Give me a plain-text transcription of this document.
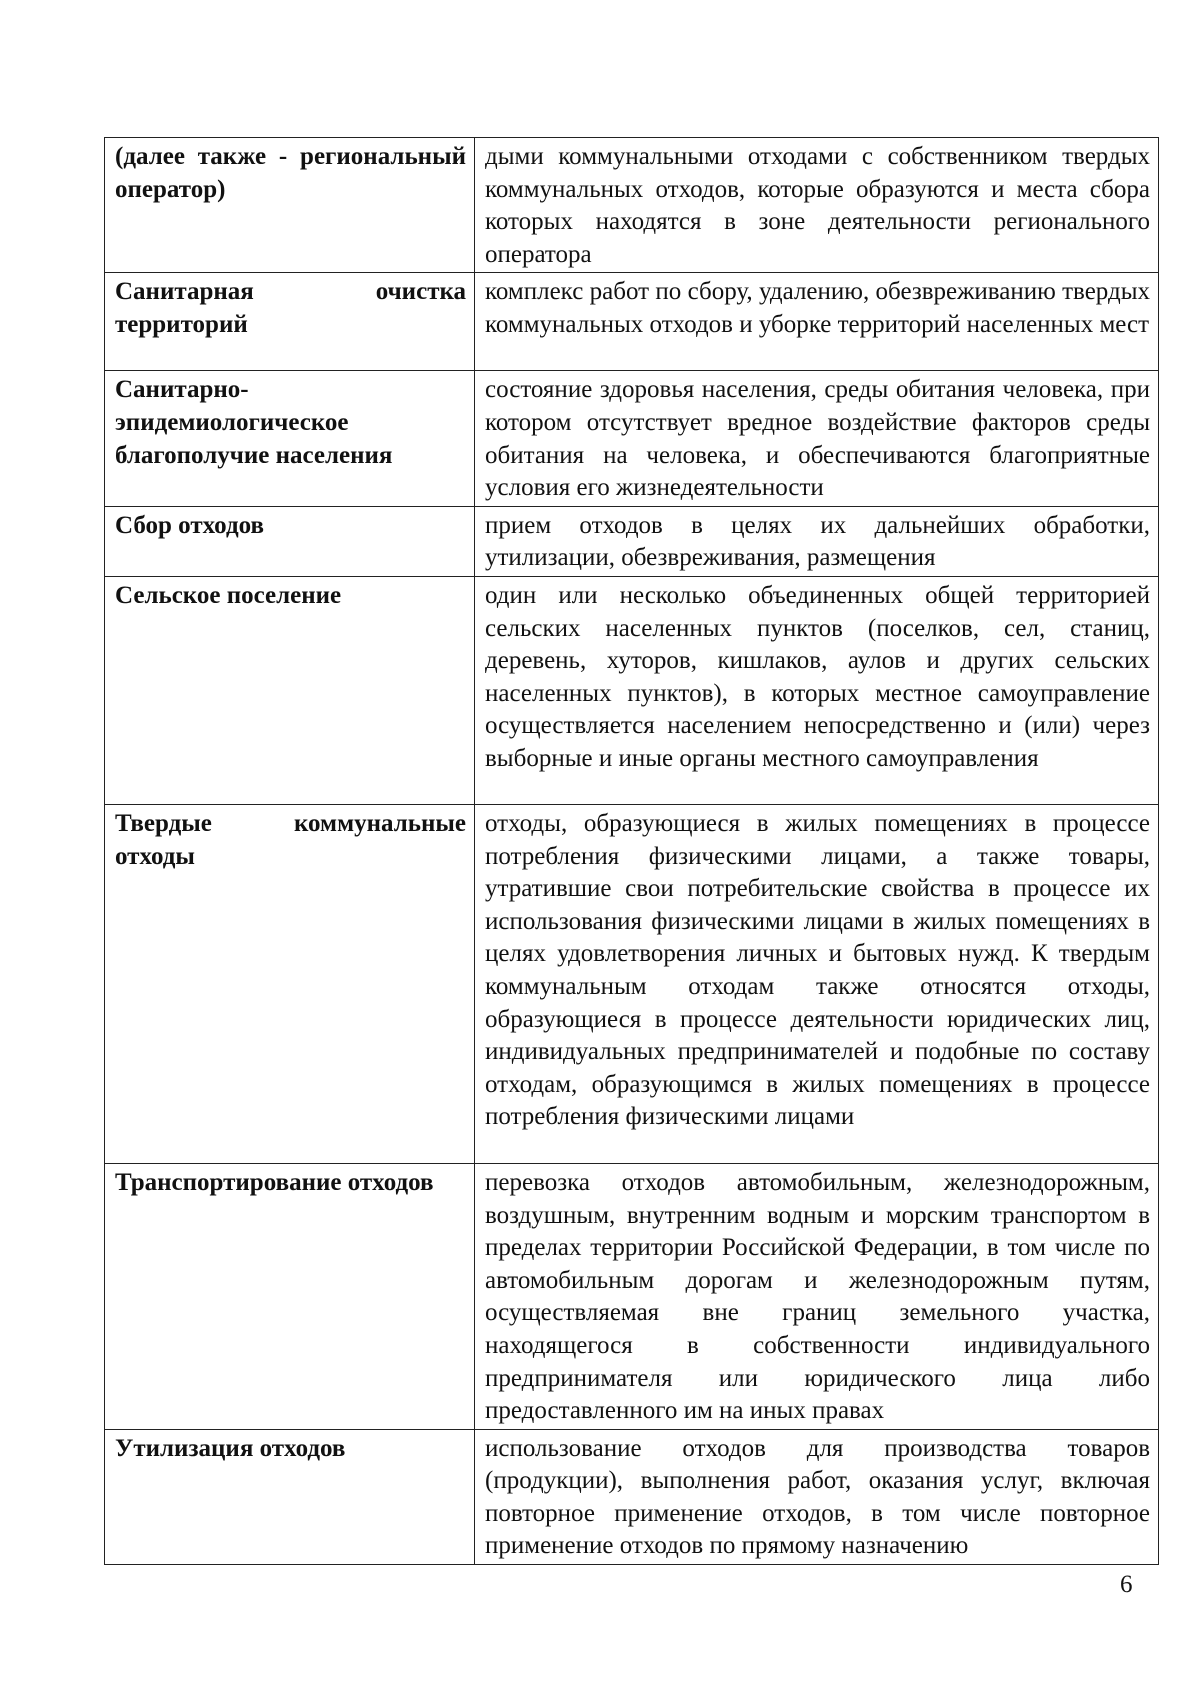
(далее также - региональный оператор)	дыми коммунальными отходами с собственником твердых коммунальных отходов, которые образуются и места сбора которых находятся в зоне деятельности регионального оператора
Санитарная очистка территорий	комплекс работ по сбору, удалению, обезвреживанию твердых коммунальных отходов и уборке территорий населенных мест
Санитарно-эпидемиологическое благополучие населения	состояние здоровья населения, среды обитания человека, при котором отсутствует вредное воздействие факторов среды обитания на человека, и обеспечиваются благоприятные условия его жизнедеятельности
Сбор отходов	прием отходов в целях их дальнейших обработки, утилизации, обезвреживания, размещения
Сельское поселение	один или несколько объединенных общей территорией сельских населенных пунктов (поселков, сел, станиц, деревень, хуторов, кишлаков, аулов и других сельских населенных пунктов), в которых местное самоуправление осуществляется населением непосредственно и (или) через выборные и иные органы местного самоуправления
Твердые коммунальные отходы	отходы, образующиеся в жилых помещениях в процессе потребления физическими лицами, а также товары, утратившие свои потребительские свойства в процессе их использования физическими лицами в жилых помещениях в целях удовлетворения личных и бытовых нужд. К твердым коммунальным отходам также относятся отходы, образующиеся в процессе деятельности юридических лиц, индивидуальных предпринимателей и подобные по составу отходам, образующимся в жилых помещениях в процессе потребления физическими лицами
Транспортирование отходов	перевозка отходов автомобильным, железнодорожным, воздушным, внутренним водным и морским транспортом в пределах территории Российской Федерации, в том числе по автомобильным дорогам и железнодорожным путям, осуществляемая вне границ земельного участка, находящегося в собственности индивидуального предпринимателя или юридического лица либо предоставленного им на иных правах
Утилизация отходов	использование отходов для производства товаров (продукции), выполнения работ, оказания услуг, включая повторное применение отходов, в том числе повторное применение отходов по прямому назначению
6
